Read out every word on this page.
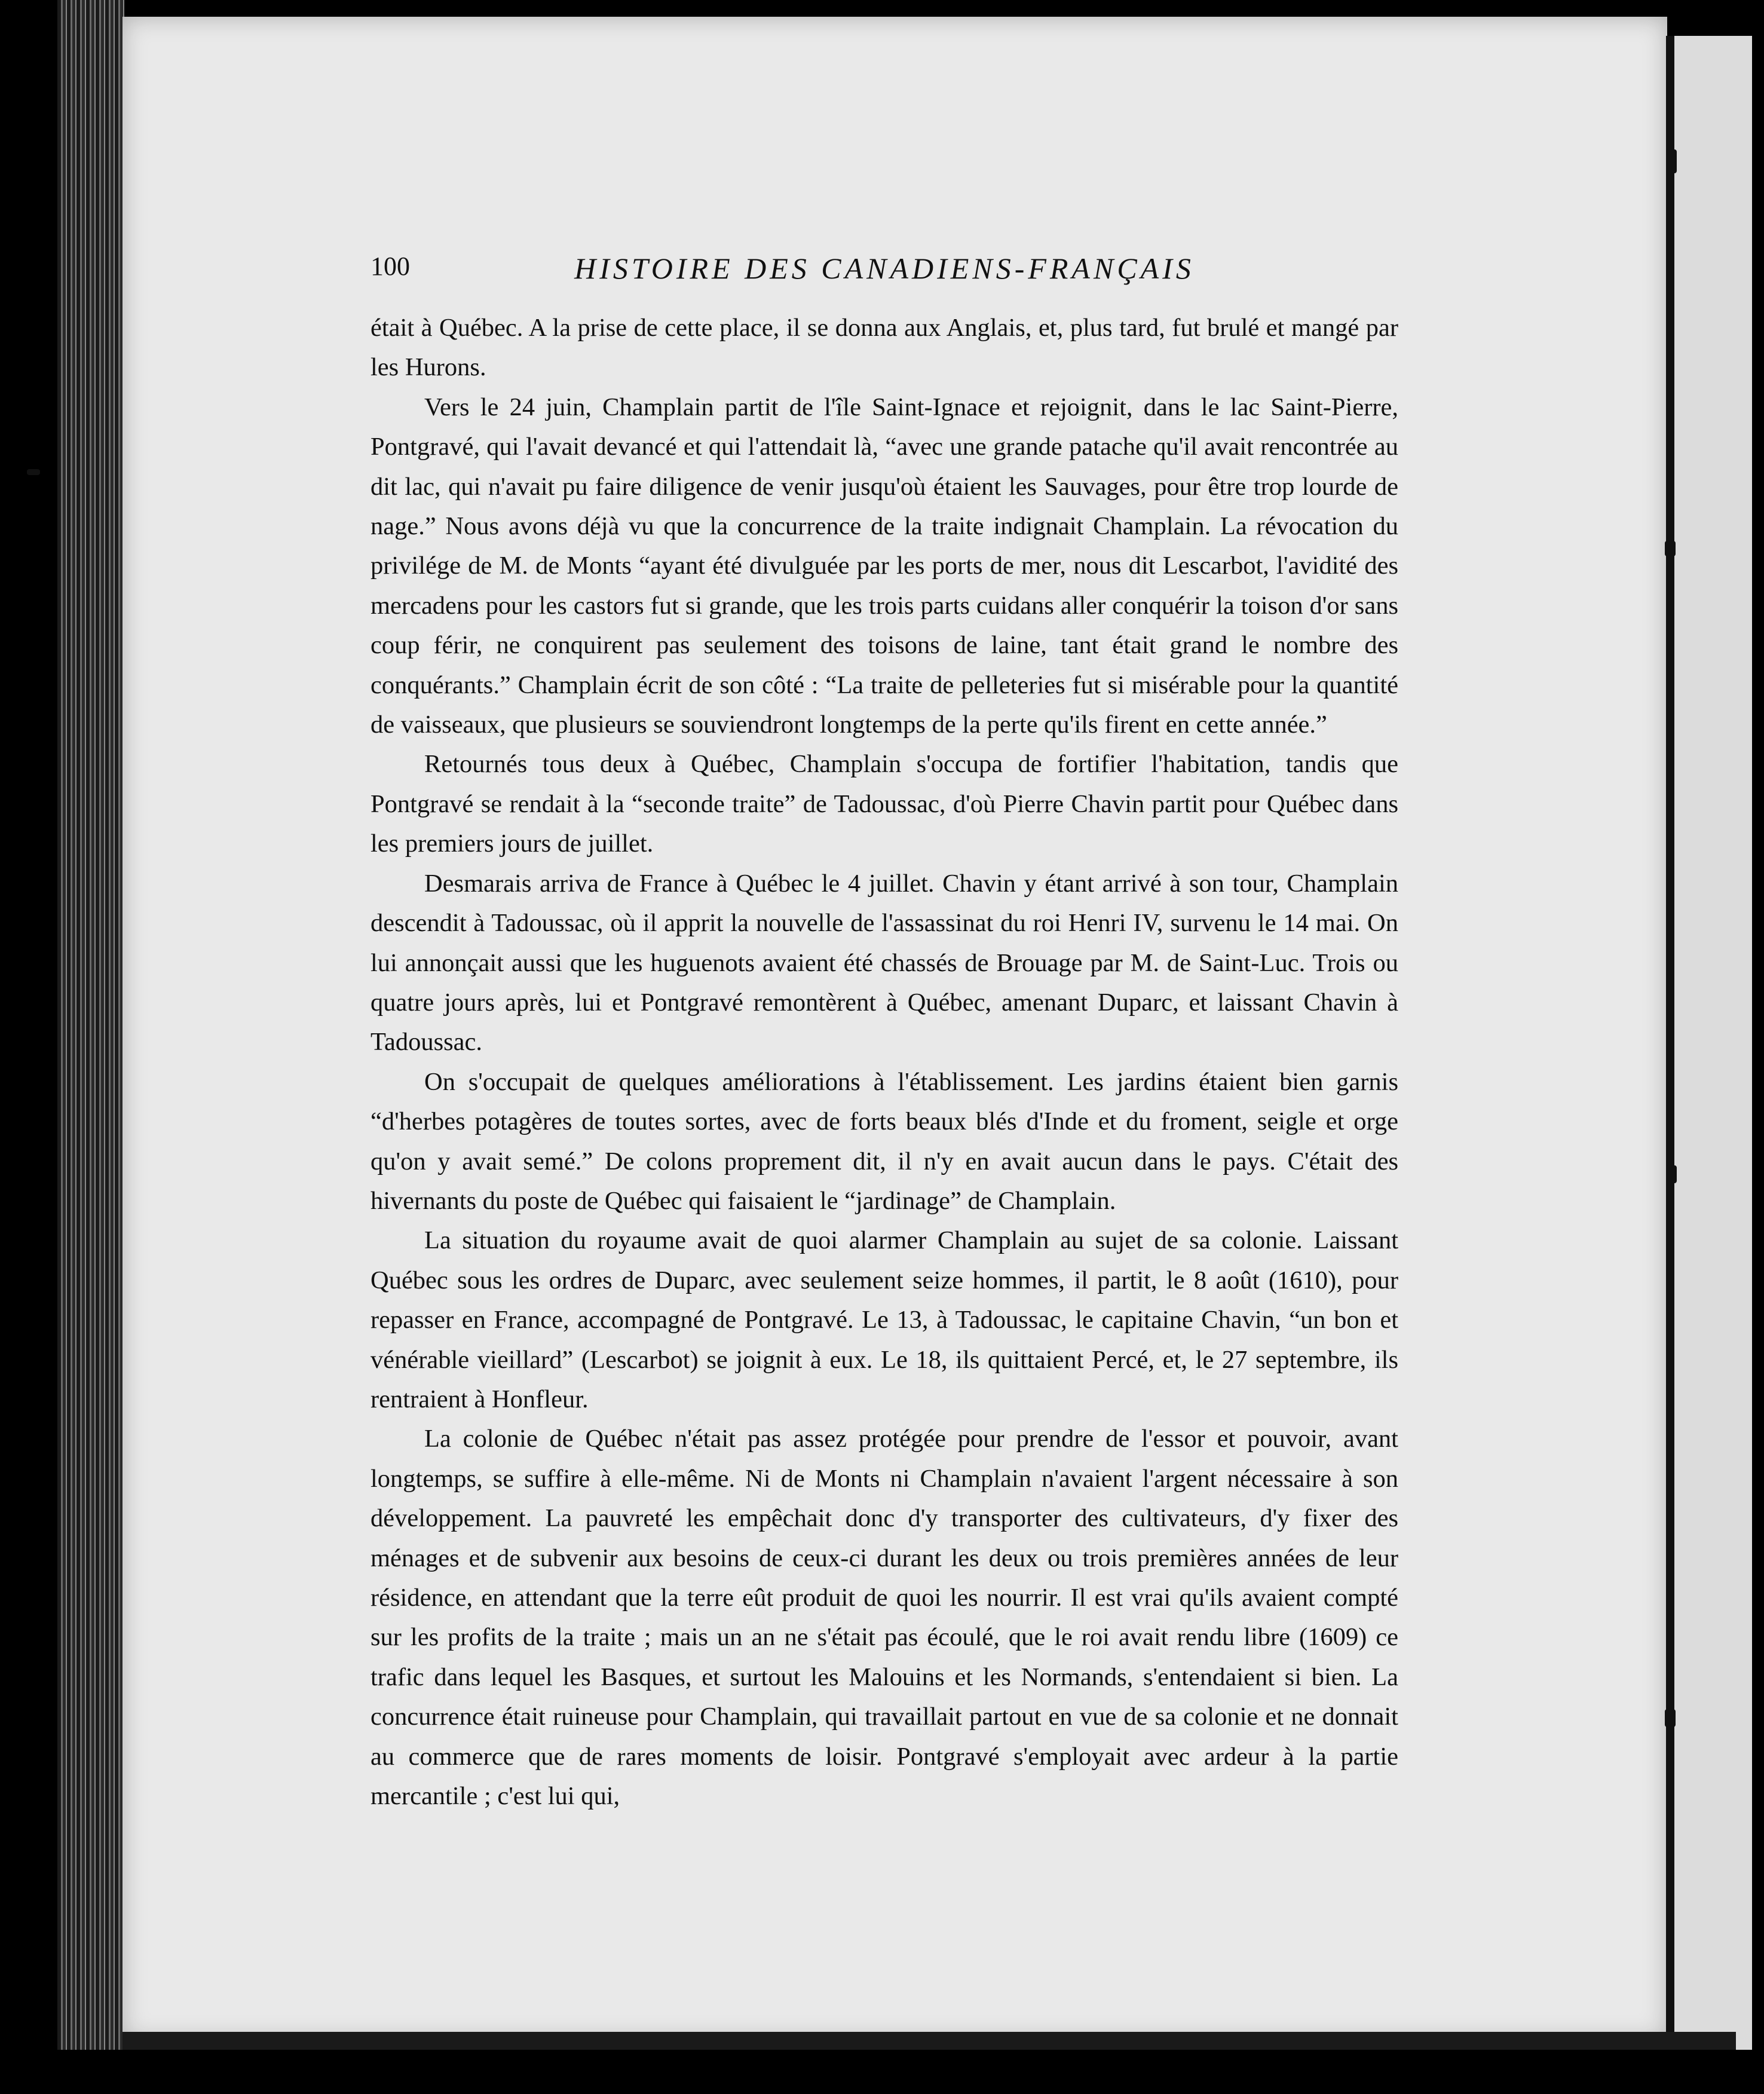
100	HISTOIRE DES CANADIENS-FRANÇAIS

était à Québec. A la prise de cette place, il se donna aux Anglais, et, plus tard, fut brulé et mangé par les Hurons.

Vers le 24 juin, Champlain partit de l'île Saint-Ignace et rejoignit, dans le lac Saint-Pierre, Pontgravé, qui l'avait devancé et qui l'attendait là, “avec une grande patache qu'il avait rencontrée au dit lac, qui n'avait pu faire diligence de venir jusqu'où étaient les Sauvages, pour être trop lourde de nage.” Nous avons déjà vu que la concurrence de la traite indignait Champlain. La révocation du privilége de M. de Monts “ayant été divulguée par les ports de mer, nous dit Lescarbot, l'avidité des mercadens pour les castors fut si grande, que les trois parts cuidans aller conquérir la toison d'or sans coup férir, ne conquirent pas seulement des toisons de laine, tant était grand le nombre des conquérants.” Champlain écrit de son côté : “La traite de pelleteries fut si misérable pour la quantité de vaisseaux, que plusieurs se souviendront longtemps de la perte qu'ils firent en cette année.”

Retournés tous deux à Québec, Champlain s'occupa de fortifier l'habitation, tandis que Pontgravé se rendait à la “seconde traite” de Tadoussac, d'où Pierre Chavin partit pour Québec dans les premiers jours de juillet.

Desmarais arriva de France à Québec le 4 juillet. Chavin y étant arrivé à son tour, Champlain descendit à Tadoussac, où il apprit la nouvelle de l'assassinat du roi Henri IV, survenu le 14 mai. On lui annonçait aussi que les huguenots avaient été chassés de Brouage par M. de Saint-Luc. Trois ou quatre jours après, lui et Pontgravé remontèrent à Québec, amenant Duparc, et laissant Chavin à Tadoussac.

On s'occupait de quelques améliorations à l'établissement. Les jardins étaient bien garnis “d'herbes potagères de toutes sortes, avec de forts beaux blés d'Inde et du froment, seigle et orge qu'on y avait semé.” De colons proprement dit, il n'y en avait aucun dans le pays. C'était des hivernants du poste de Québec qui faisaient le “jardinage” de Champlain.

La situation du royaume avait de quoi alarmer Champlain au sujet de sa colonie. Laissant Québec sous les ordres de Duparc, avec seulement seize hommes, il partit, le 8 août (1610), pour repasser en France, accompagné de Pontgravé. Le 13, à Tadoussac, le capitaine Chavin, “un bon et vénérable vieillard” (Lescarbot) se joignit à eux. Le 18, ils quittaient Percé, et, le 27 septembre, ils rentraient à Honfleur.

La colonie de Québec n'était pas assez protégée pour prendre de l'essor et pouvoir, avant longtemps, se suffire à elle-même. Ni de Monts ni Champlain n'avaient l'argent nécessaire à son développement. La pauvreté les empêchait donc d'y transporter des cultivateurs, d'y fixer des ménages et de subvenir aux besoins de ceux-ci durant les deux ou trois premières années de leur résidence, en attendant que la terre eût produit de quoi les nourrir. Il est vrai qu'ils avaient compté sur les profits de la traite ; mais un an ne s'était pas écoulé, que le roi avait rendu libre (1609) ce trafic dans lequel les Basques, et surtout les Malouins et les Normands, s'entendaient si bien. La concurrence était ruineuse pour Champlain, qui travaillait partout en vue de sa colonie et ne donnait au commerce que de rares moments de loisir. Pontgravé s'employait avec ardeur à la partie mercantile ; c'est lui qui,
